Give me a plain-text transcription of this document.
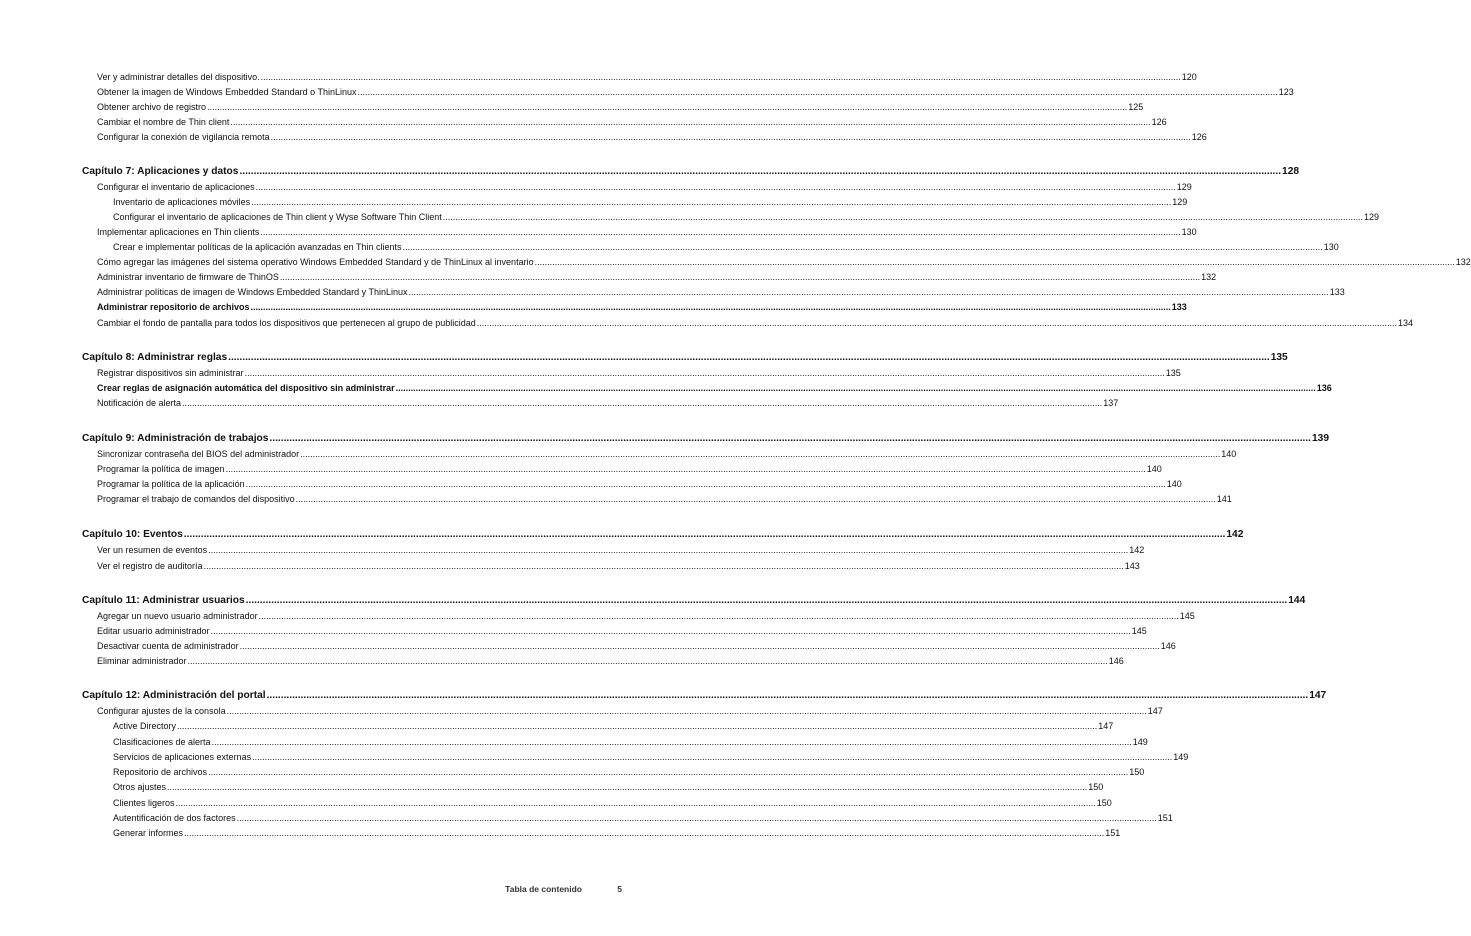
Ver y administrar detalles del dispositivo. .....	120
Obtener la imagen de Windows Embedded Standard o ThinLinux .....	123
Obtener archivo de registro .....	125
Cambiar el nombre de Thin client .....	126
Configurar la conexión de vigilancia remota .....	126
Capítulo 7: Aplicaciones y datos .....	128
Configurar el inventario de aplicaciones .....	129
Inventario de aplicaciones móviles .....	129
Configurar el inventario de aplicaciones de Thin client y Wyse Software Thin Client .....	129
Implementar aplicaciones en Thin clients .....	130
Crear e implementar políticas de la aplicación avanzadas en Thin clients .....	130
Cómo agregar las imágenes del sistema operativo Windows Embedded Standard y de ThinLinux al inventario .....	132
Administrar inventario de firmware de ThinOS .....	132
Administrar políticas de imagen de Windows Embedded Standard y ThinLinux .....	133
Administrar repositorio de archivos .....	133
Cambiar el fondo de pantalla para todos los dispositivos que pertenecen al grupo de publicidad .....	134
Capítulo 8: Administrar reglas .....	135
Registrar dispositivos sin administrar .....	135
Crear reglas de asignación automática del dispositivo sin administrar .....	136
Notificación de alerta .....	137
Capítulo 9: Administración de trabajos .....	139
Sincronizar contraseña del BIOS del administrador .....	140
Programar la política de imagen .....	140
Programar la política de la aplicación .....	140
Programar el trabajo de comandos del dispositivo .....	141
Capítulo 10: Eventos .....	142
Ver un resumen de eventos .....	142
Ver el registro de auditoría .....	143
Capítulo 11: Administrar usuarios .....	144
Agregar un nuevo usuario administrador .....	145
Editar usuario administrador .....	145
Desactivar cuenta de administrador .....	146
Eliminar administrador .....	146
Capítulo 12: Administración del portal .....	147
Configurar ajustes de la consola .....	147
Active Directory .....	147
Clasificaciones de alerta .....	149
Servicios de aplicaciones externas .....	149
Repositorio de archivos .....	150
Otros ajustes .....	150
Clientes ligeros .....	150
Autentificación de dos factores .....	151
Generar informes .....	151
Tabla de contenido	5
